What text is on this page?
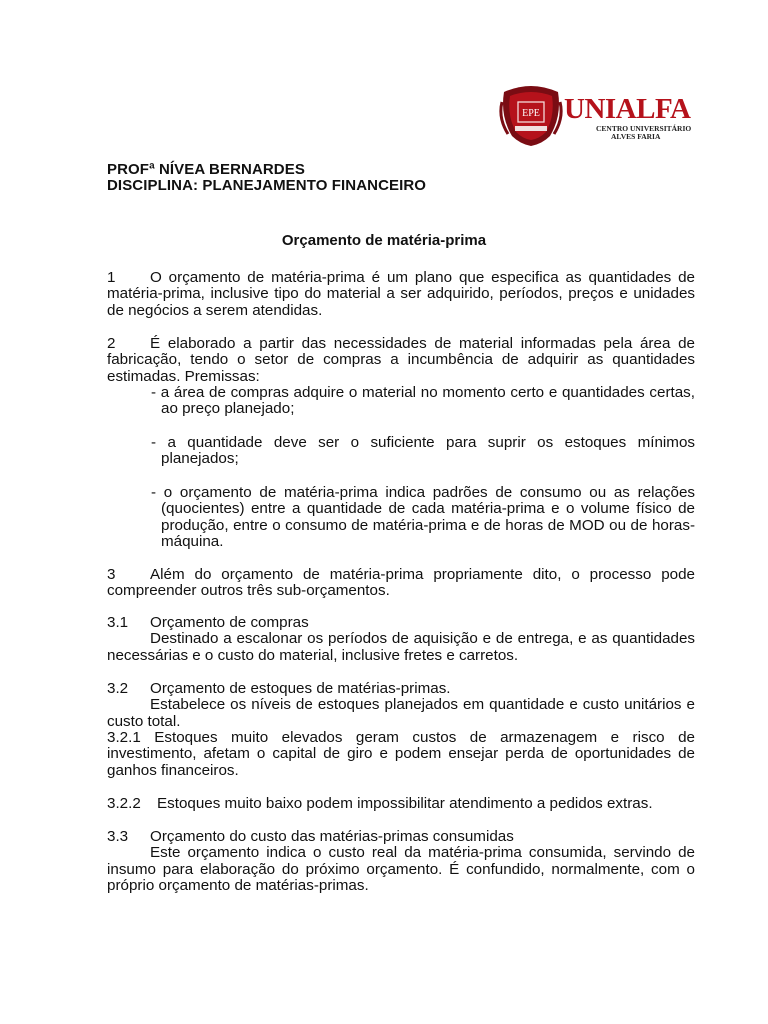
EPE UNIALFA
CENTRO UNIVERSITÁRIO
ALVES FARIA
PROFª NÍVEA BERNARDES
DISCIPLINA: PLANEJAMENTO FINANCEIRO
Orçamento de matéria-prima
1 O orçamento de matéria-prima é um plano que especifica as quantidades de
matéria-prima, inclusive tipo do material a ser adquirido, períodos, preços e unidades de negócios a serem atendidas.
2 É elaborado a partir das necessidades de material informadas pela área de
fabricação, tendo o setor de compras a incumbência de adquirir as quantidades estimadas. Premissas:
- a área de compras adquire o material no momento certo e quantidades certas,
ao preço planejado;
- a quantidade deve ser o suficiente para suprir os estoques mínimos
planejados;
- o orçamento de matéria-prima indica padrões de consumo ou as relações
(quocientes) entre a quantidade de cada matéria-prima e o volume físico de produção, entre o consumo de matéria-prima e de horas de MOD ou de horas-máquina.
3 Além do orçamento de matéria-prima propriamente dito, o processo pode
compreender outros três sub-orçamentos.
3.1 Orçamento de compras
Destinado a escalonar os períodos de aquisição e de entrega, e as quantidades
necessárias e o custo do material, inclusive fretes e carretos.
3.2 Orçamento de estoques de matérias-primas.
Estabelece os níveis de estoques planejados em quantidade e custo unitários e
custo total.
3.2.1 Estoques muito elevados geram custos de armazenagem e risco de investimento, afetam o capital de giro e podem ensejar perda de oportunidades de ganhos financeiros.
3.2.2 Estoques muito baixo podem impossibilitar atendimento a pedidos extras.
3.3 Orçamento do custo das matérias-primas consumidas
Este orçamento indica o custo real da matéria-prima consumida, servindo de
insumo para elaboração do próximo orçamento. É confundido, normalmente, com o próprio orçamento de matérias-primas.
